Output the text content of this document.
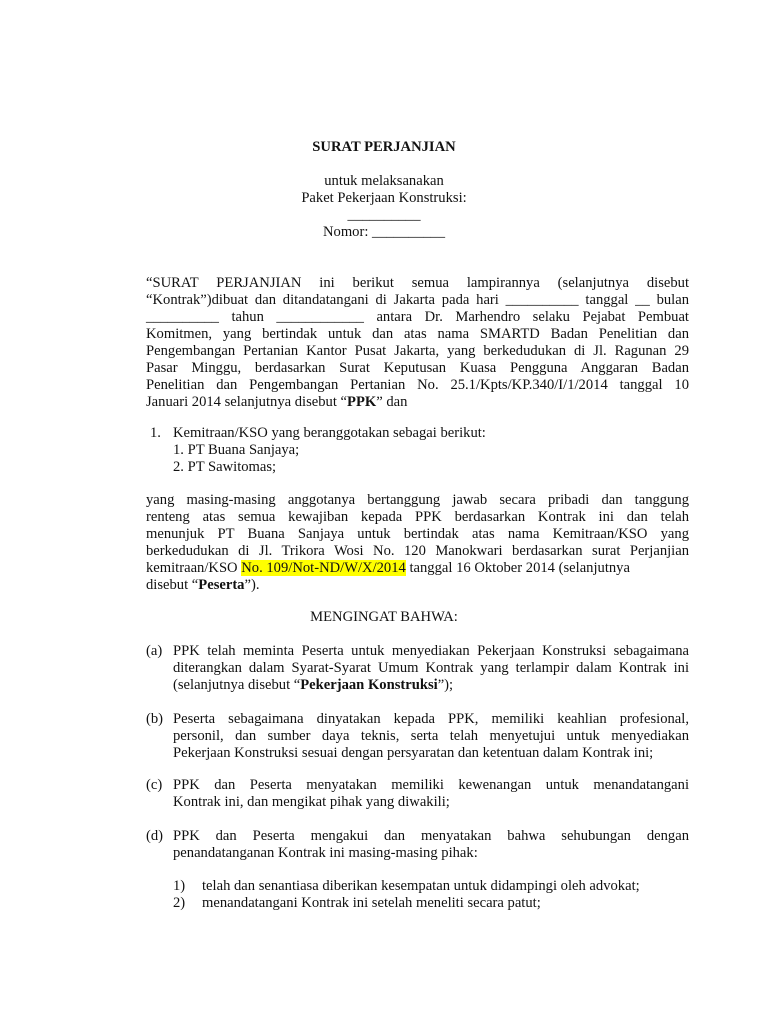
SURAT PERJANJIAN
untuk melaksanakan
Paket Pekerjaan Konstruksi:
__________
Nomor: __________
“SURAT PERJANJIAN ini berikut semua lampirannya (selanjutnya disebut
“Kontrak”)dibuat dan ditandatangani di Jakarta pada hari __________ tanggal __ bulan
__________ tahun ____________ antara Dr. Marhendro selaku Pejabat Pembuat
Komitmen, yang bertindak untuk dan atas nama SMARTD Badan Penelitian dan
Pengembangan Pertanian Kantor Pusat Jakarta, yang berkedudukan di Jl. Ragunan 29
Pasar Minggu, berdasarkan Surat Keputusan Kuasa Pengguna Anggaran Badan
Penelitian dan Pengembangan Pertanian No. 25.1/Kpts/KP.340/I/1/2014 tanggal 10
Januari 2014 selanjutnya disebut “PPK” dan
1. Kemitraan/KSO yang beranggotakan sebagai berikut:
1. PT Buana Sanjaya;
2. PT Sawitomas;
yang masing-masing anggotanya bertanggung jawab secara pribadi dan tanggung
renteng atas semua kewajiban kepada PPK berdasarkan Kontrak ini dan telah
menunjuk PT Buana Sanjaya untuk bertindak atas nama Kemitraan/KSO yang
berkedudukan di Jl. Trikora Wosi No. 120 Manokwari berdasarkan surat Perjanjian
kemitraan/KSO No. 109/Not-ND/W/X/2014 tanggal 16 Oktober 2014 (selanjutnya
disebut “Peserta”).
MENGINGAT BAHWA:
(a) PPK telah meminta Peserta untuk menyediakan Pekerjaan Konstruksi sebagaimana
diterangkan dalam Syarat-Syarat Umum Kontrak yang terlampir dalam Kontrak ini
(selanjutnya disebut “Pekerjaan Konstruksi”);
(b) Peserta sebagaimana dinyatakan kepada PPK, memiliki keahlian profesional,
personil, dan sumber daya teknis, serta telah menyetujui untuk menyediakan
Pekerjaan Konstruksi sesuai dengan persyaratan dan ketentuan dalam Kontrak ini;
(c) PPK dan Peserta menyatakan memiliki kewenangan untuk menandatangani
Kontrak ini, dan mengikat pihak yang diwakili;
(d) PPK dan Peserta mengakui dan menyatakan bahwa sehubungan dengan
penandatanganan Kontrak ini masing-masing pihak:
1) telah dan senantiasa diberikan kesempatan untuk didampingi oleh advokat;
2) menandatangani Kontrak ini setelah meneliti secara patut;
